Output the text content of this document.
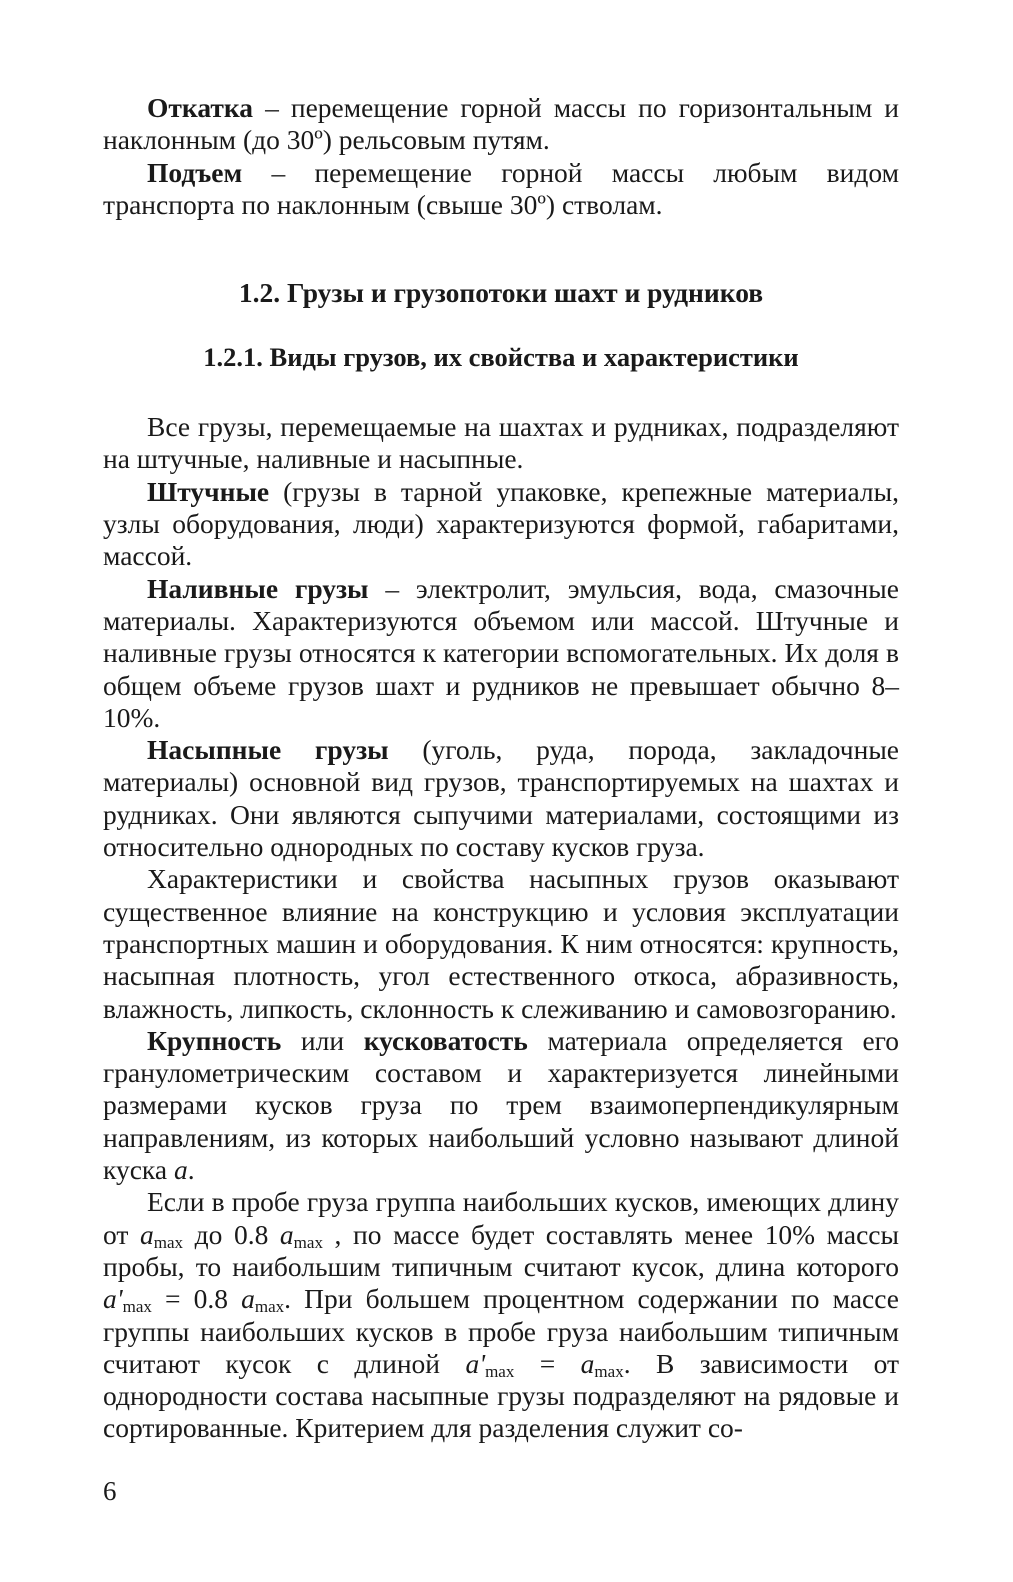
Откатка – перемещение горной массы по горизонтальным и наклонным (до 30º) рельсовым путям.

Подъем – перемещение горной массы любым видом транспорта по наклонным (свыше 30º) стволам.

1.2. Грузы и грузопотоки шахт и рудников
1.2.1. Виды грузов, их свойства и характеристики

Все грузы, перемещаемые на шахтах и рудниках, подразделяют на штучные, наливные и насыпные.

Штучные (грузы в тарной упаковке, крепежные материалы, узлы оборудования, люди) характеризуются формой, габаритами, массой.

Наливные грузы – электролит, эмульсия, вода, смазочные материалы. Характеризуются объемом или массой. Штучные и наливные грузы относятся к категории вспомогательных. Их доля в общем объеме грузов шахт и рудников не превышает обычно 8–10%.

Насыпные грузы (уголь, руда, порода, закладочные материалы) основной вид грузов, транспортируемых на шахтах и рудниках. Они являются сыпучими материалами, состоящими из относительно однородных по составу кусков груза.

Характеристики и свойства насыпных грузов оказывают существенное влияние на конструкцию и условия эксплуатации транспортных машин и оборудования. К ним относятся: крупность, насыпная плотность, угол естественного откоса, абразивность, влажность, липкость, склонность к слеживанию и самовозгоранию.

Крупность или кусковатость материала определяется его гранулометрическим составом и характеризуется линейными размерами кусков груза по трем взаимоперпендикулярным направлениям, из которых наибольший условно называют длиной куска a.

Если в пробе груза группа наибольших кусков, имеющих длину от $a_{max}$ до 0.8 $a_{max}$ , по массе будет составлять менее 10% массы пробы, то наибольшим типичным считают кусок, длина которого $a'_{max} = 0.8$ $a_{max}$. При большем процентном содержании по массе группы наибольших кусков в пробе груза наибольшим типичным считают кусок с длиной $a'_{max} = a_{max}$. В зависимости от однородности состава насыпные грузы подразделяют на рядовые и сортированные. Критерием для разделения служит со-

6
